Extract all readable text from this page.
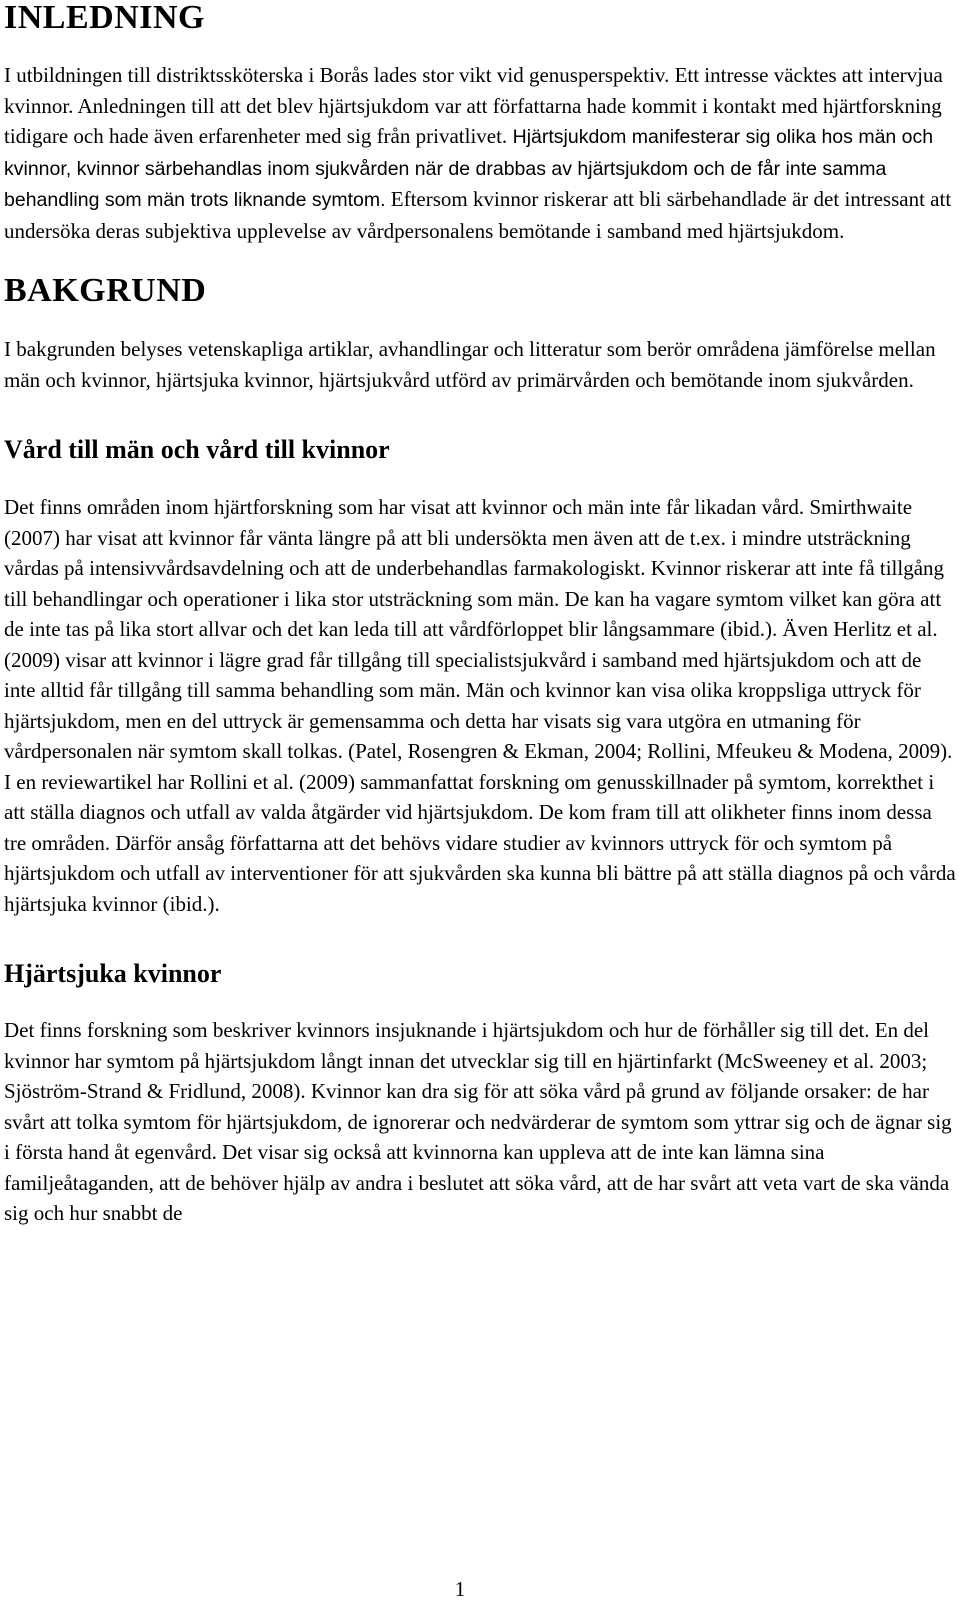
INLEDNING

I utbildningen till distriktssköterska i Borås lades stor vikt vid genusperspektiv. Ett intresse väcktes att intervjua kvinnor. Anledningen till att det blev hjärtsjukdom var att författarna hade kommit i kontakt med hjärtforskning tidigare och hade även erfarenheter med sig från privatlivet. Hjärtsjukdom manifesterar sig olika hos män och kvinnor, kvinnor särbehandlas inom sjukvården när de drabbas av hjärtsjukdom och de får inte samma behandling som män trots liknande symtom. Eftersom kvinnor riskerar att bli särbehandlade är det intressant att undersöka deras subjektiva upplevelse av vårdpersonalens bemötande i samband med hjärtsjukdom.

BAKGRUND

I bakgrunden belyses vetenskapliga artiklar, avhandlingar och litteratur som berör områdena jämförelse mellan män och kvinnor, hjärtsjuka kvinnor, hjärtsjukvård utförd av primärvården och bemötande inom sjukvården.

Vård till män och vård till kvinnor

Det finns områden inom hjärtforskning som har visat att kvinnor och män inte får likadan vård. Smirthwaite (2007) har visat att kvinnor får vänta längre på att bli undersökta men även att de t.ex. i mindre utsträckning vårdas på intensivvårdsavdelning och att de underbehandlas farmakologiskt. Kvinnor riskerar att inte få tillgång till behandlingar och operationer i lika stor utsträckning som män. De kan ha vagare symtom vilket kan göra att de inte tas på lika stort allvar och det kan leda till att vårdförloppet blir långsammare (ibid.). Även Herlitz et al. (2009) visar att kvinnor i lägre grad får tillgång till specialistsjukvård i samband med hjärtsjukdom och att de inte alltid får tillgång till samma behandling som män. Män och kvinnor kan visa olika kroppsliga uttryck för hjärtsjukdom, men en del uttryck är gemensamma och detta har visats sig vara utgöra en utmaning för vårdpersonalen när symtom skall tolkas. (Patel, Rosengren & Ekman, 2004; Rollini, Mfeukeu & Modena, 2009). I en reviewartikel har Rollini et al. (2009) sammanfattat forskning om genusskillnader på symtom, korrekthet i att ställa diagnos och utfall av valda åtgärder vid hjärtsjukdom. De kom fram till att olikheter finns inom dessa tre områden. Därför ansåg författarna att det behövs vidare studier av kvinnors uttryck för och symtom på hjärtsjukdom och utfall av interventioner för att sjukvården ska kunna bli bättre på att ställa diagnos på och vårda hjärtsjuka kvinnor (ibid.).

Hjärtsjuka kvinnor

Det finns forskning som beskriver kvinnors insjuknande i hjärtsjukdom och hur de förhåller sig till det. En del kvinnor har symtom på hjärtsjukdom långt innan det utvecklar sig till en hjärtinfarkt (McSweeney et al. 2003; Sjöström-Strand & Fridlund, 2008). Kvinnor kan dra sig för att söka vård på grund av följande orsaker: de har svårt att tolka symtom för hjärtsjukdom, de ignorerar och nedvärderar de symtom som yttrar sig och de ägnar sig i första hand åt egenvård. Det visar sig också att kvinnorna kan uppleva att de inte kan lämna sina familjeåtaganden, att de behöver hjälp av andra i beslutet att söka vård, att de har svårt att veta vart de ska vända sig och hur snabbt de

1
